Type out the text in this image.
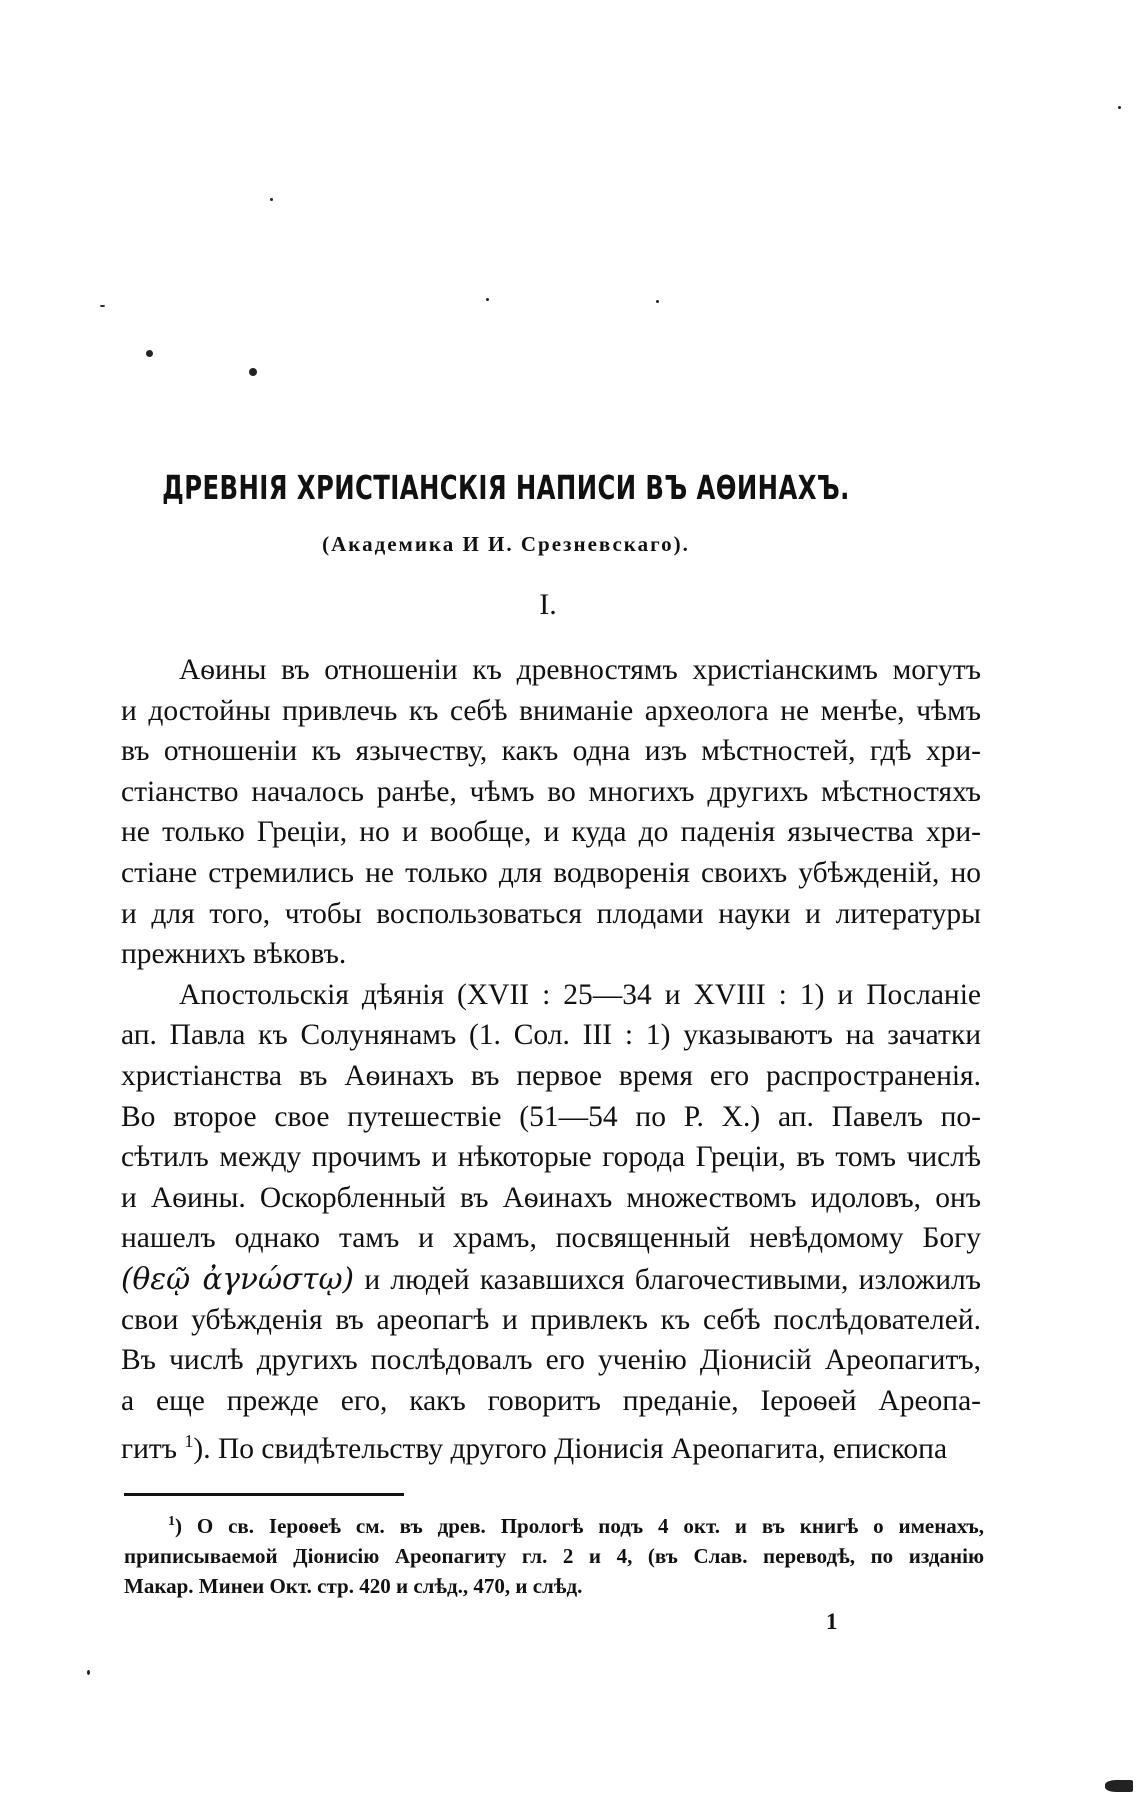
ДРЕВНІЯ ХРИСТІАНСКІЯ НАПИСИ ВЪ АѲИНАХЪ.
(Академика И И. Срезневскаго).
I.
Аѳины въ отношеніи къ древностямъ христіанскимъ могутъ
и достойны привлечь къ себѣ вниманіе археолога не менѣе, чѣмъ
въ отношеніи къ язычеству, какъ одна изъ мѣстностей, гдѣ хри-
стіанство началось ранѣе, чѣмъ во многихъ другихъ мѣстностяхъ
не только Греціи, но и вообще, и куда до паденія язычества хри-
стіане стремились не только для водворенія своихъ убѣжденій, но
и для того, чтобы воспользоваться плодами науки и литературы
прежнихъ вѣковъ.
Апостольскія дѣянія (XVII : 25—34 и XVIII : 1) и Посланіе
ап. Павла къ Солунянамъ (1. Сол. III : 1) указываютъ на зачатки
христіанства въ Аѳинахъ въ первое время его распространенія.
Во второе свое путешествіе (51—54 по Р. Х.) ап. Павелъ по-
сѣтилъ между прочимъ и нѣкоторые города Греціи, въ томъ числѣ
и Аѳины. Оскорбленный въ Аѳинахъ множествомъ идоловъ, онъ
нашелъ однако тамъ и храмъ, посвященный невѣдомому Богу
(θεῷ ἀγνώστῳ) и людей казавшихся благочестивыми, изложилъ
свои убѣжденія въ ареопагѣ и привлекъ къ себѣ послѣдователей.
Въ числѣ другихъ послѣдовалъ его ученію Діонисій Ареопагитъ,
а еще прежде его, какъ говоритъ преданіе, Іероѳей Ареопа-
гитъ $^1$). По свидѣтельству другого Діонисія Ареопагита, епископа
$^1$) О св. Іероѳеѣ см. въ древ. Прологѣ подъ 4 окт. и въ книгѣ о именахъ,
приписываемой Діонисію Ареопагиту гл. 2 и 4, (въ Слав. переводѣ, по изданію
Макар. Минеи Окт. стр. 420 и слѣд., 470, и слѣд.
1
